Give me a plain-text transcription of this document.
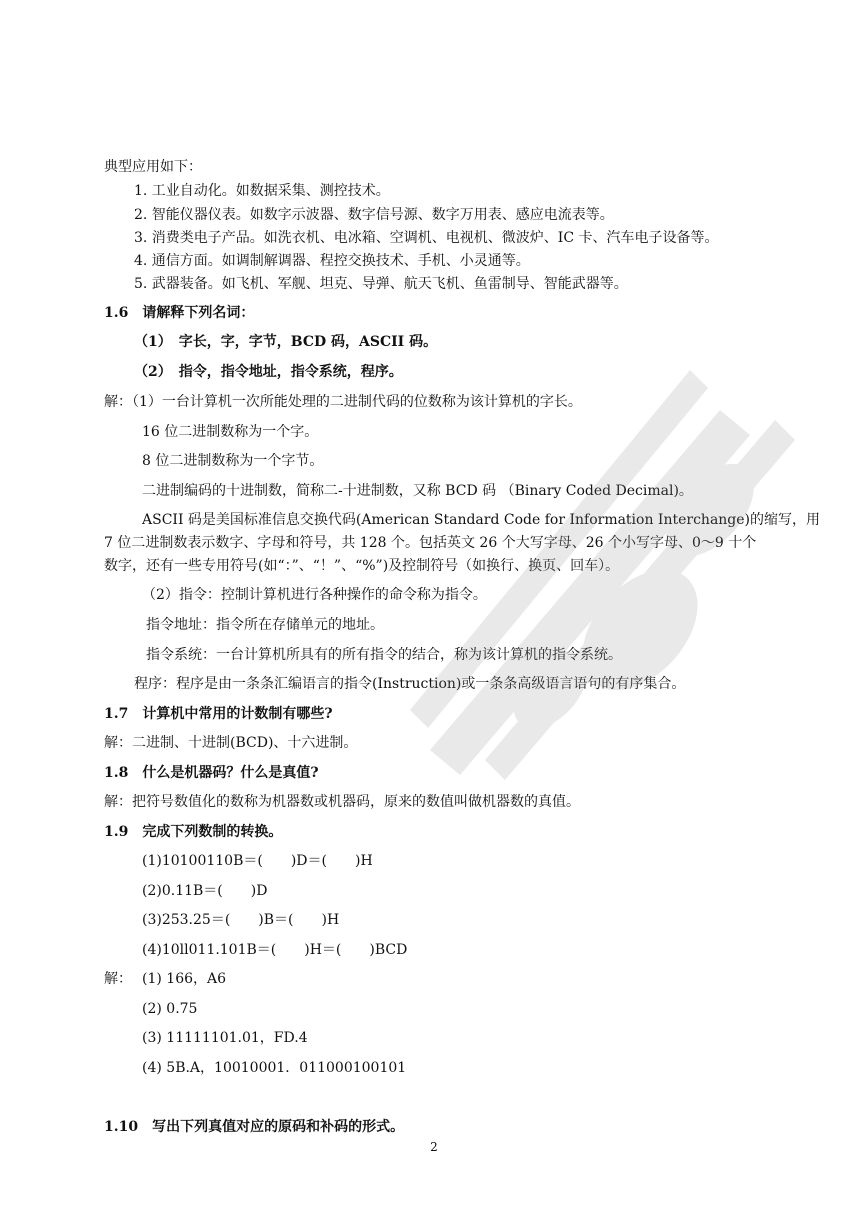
典型应用如下：
1. 工业自动化。如数据采集、测控技术。
2. 智能仪器仪表。如数字示波器、数字信号源、数字万用表、感应电流表等。
3. 消费类电子产品。如洗衣机、电冰箱、空调机、电视机、微波炉、IC 卡、汽车电子设备等。
4. 通信方面。如调制解调器、程控交换技术、手机、小灵通等。
5. 武器装备。如飞机、军舰、坦克、导弹、航天飞机、鱼雷制导、智能武器等。
1.6　请解释下列名词：
（1）　字长，字，字节，BCD 码，ASCII 码。
（2）　指令，指令地址，指令系统，程序。
解：（1）一台计算机一次所能处理的二进制代码的位数称为该计算机的字长。
16 位二进制数称为一个字。
8 位二进制数称为一个字节。
二进制编码的十进制数，简称二-十进制数，又称 BCD 码 （Binary Coded Decimal)。
ASCII 码是美国标准信息交换代码(American Standard Code for Information Interchange)的缩写，用
7 位二进制数表示数字、字母和符号，共 128 个。包括英文 26 个大写字母、26 个小写字母、0～9 十个
数字，还有一些专用符号(如“：”、“！”、“%”)及控制符号（如换行、换页、回车）。
（2）指令：控制计算机进行各种操作的命令称为指令。
指令地址：指令所在存储单元的地址。
指令系统：一台计算机所具有的所有指令的结合，称为该计算机的指令系统。
程序：程序是由一条条汇编语言的指令(Instruction)或一条条高级语言语句的有序集合。
1.7　计算机中常用的计数制有哪些?
解：二进制、十进制(BCD)、十六进制。
1.8　什么是机器码？什么是真值?
解：把符号数值化的数称为机器数或机器码，原来的数值叫做机器数的真值。
1.9　完成下列数制的转换。
(1)10100110B＝(　　)D＝(　　)H
(2)0.11B＝(　　)D
(3)253.25＝(　　)B＝(　　)H
(4)10ll011.101B＝(　　)H＝(　　)BCD
解： (1) 166，A6
(2) 0.75
(3) 11111101.01，FD.4
(4) 5B.A，10010001．011000100101
1.10　写出下列真值对应的原码和补码的形式。
2
